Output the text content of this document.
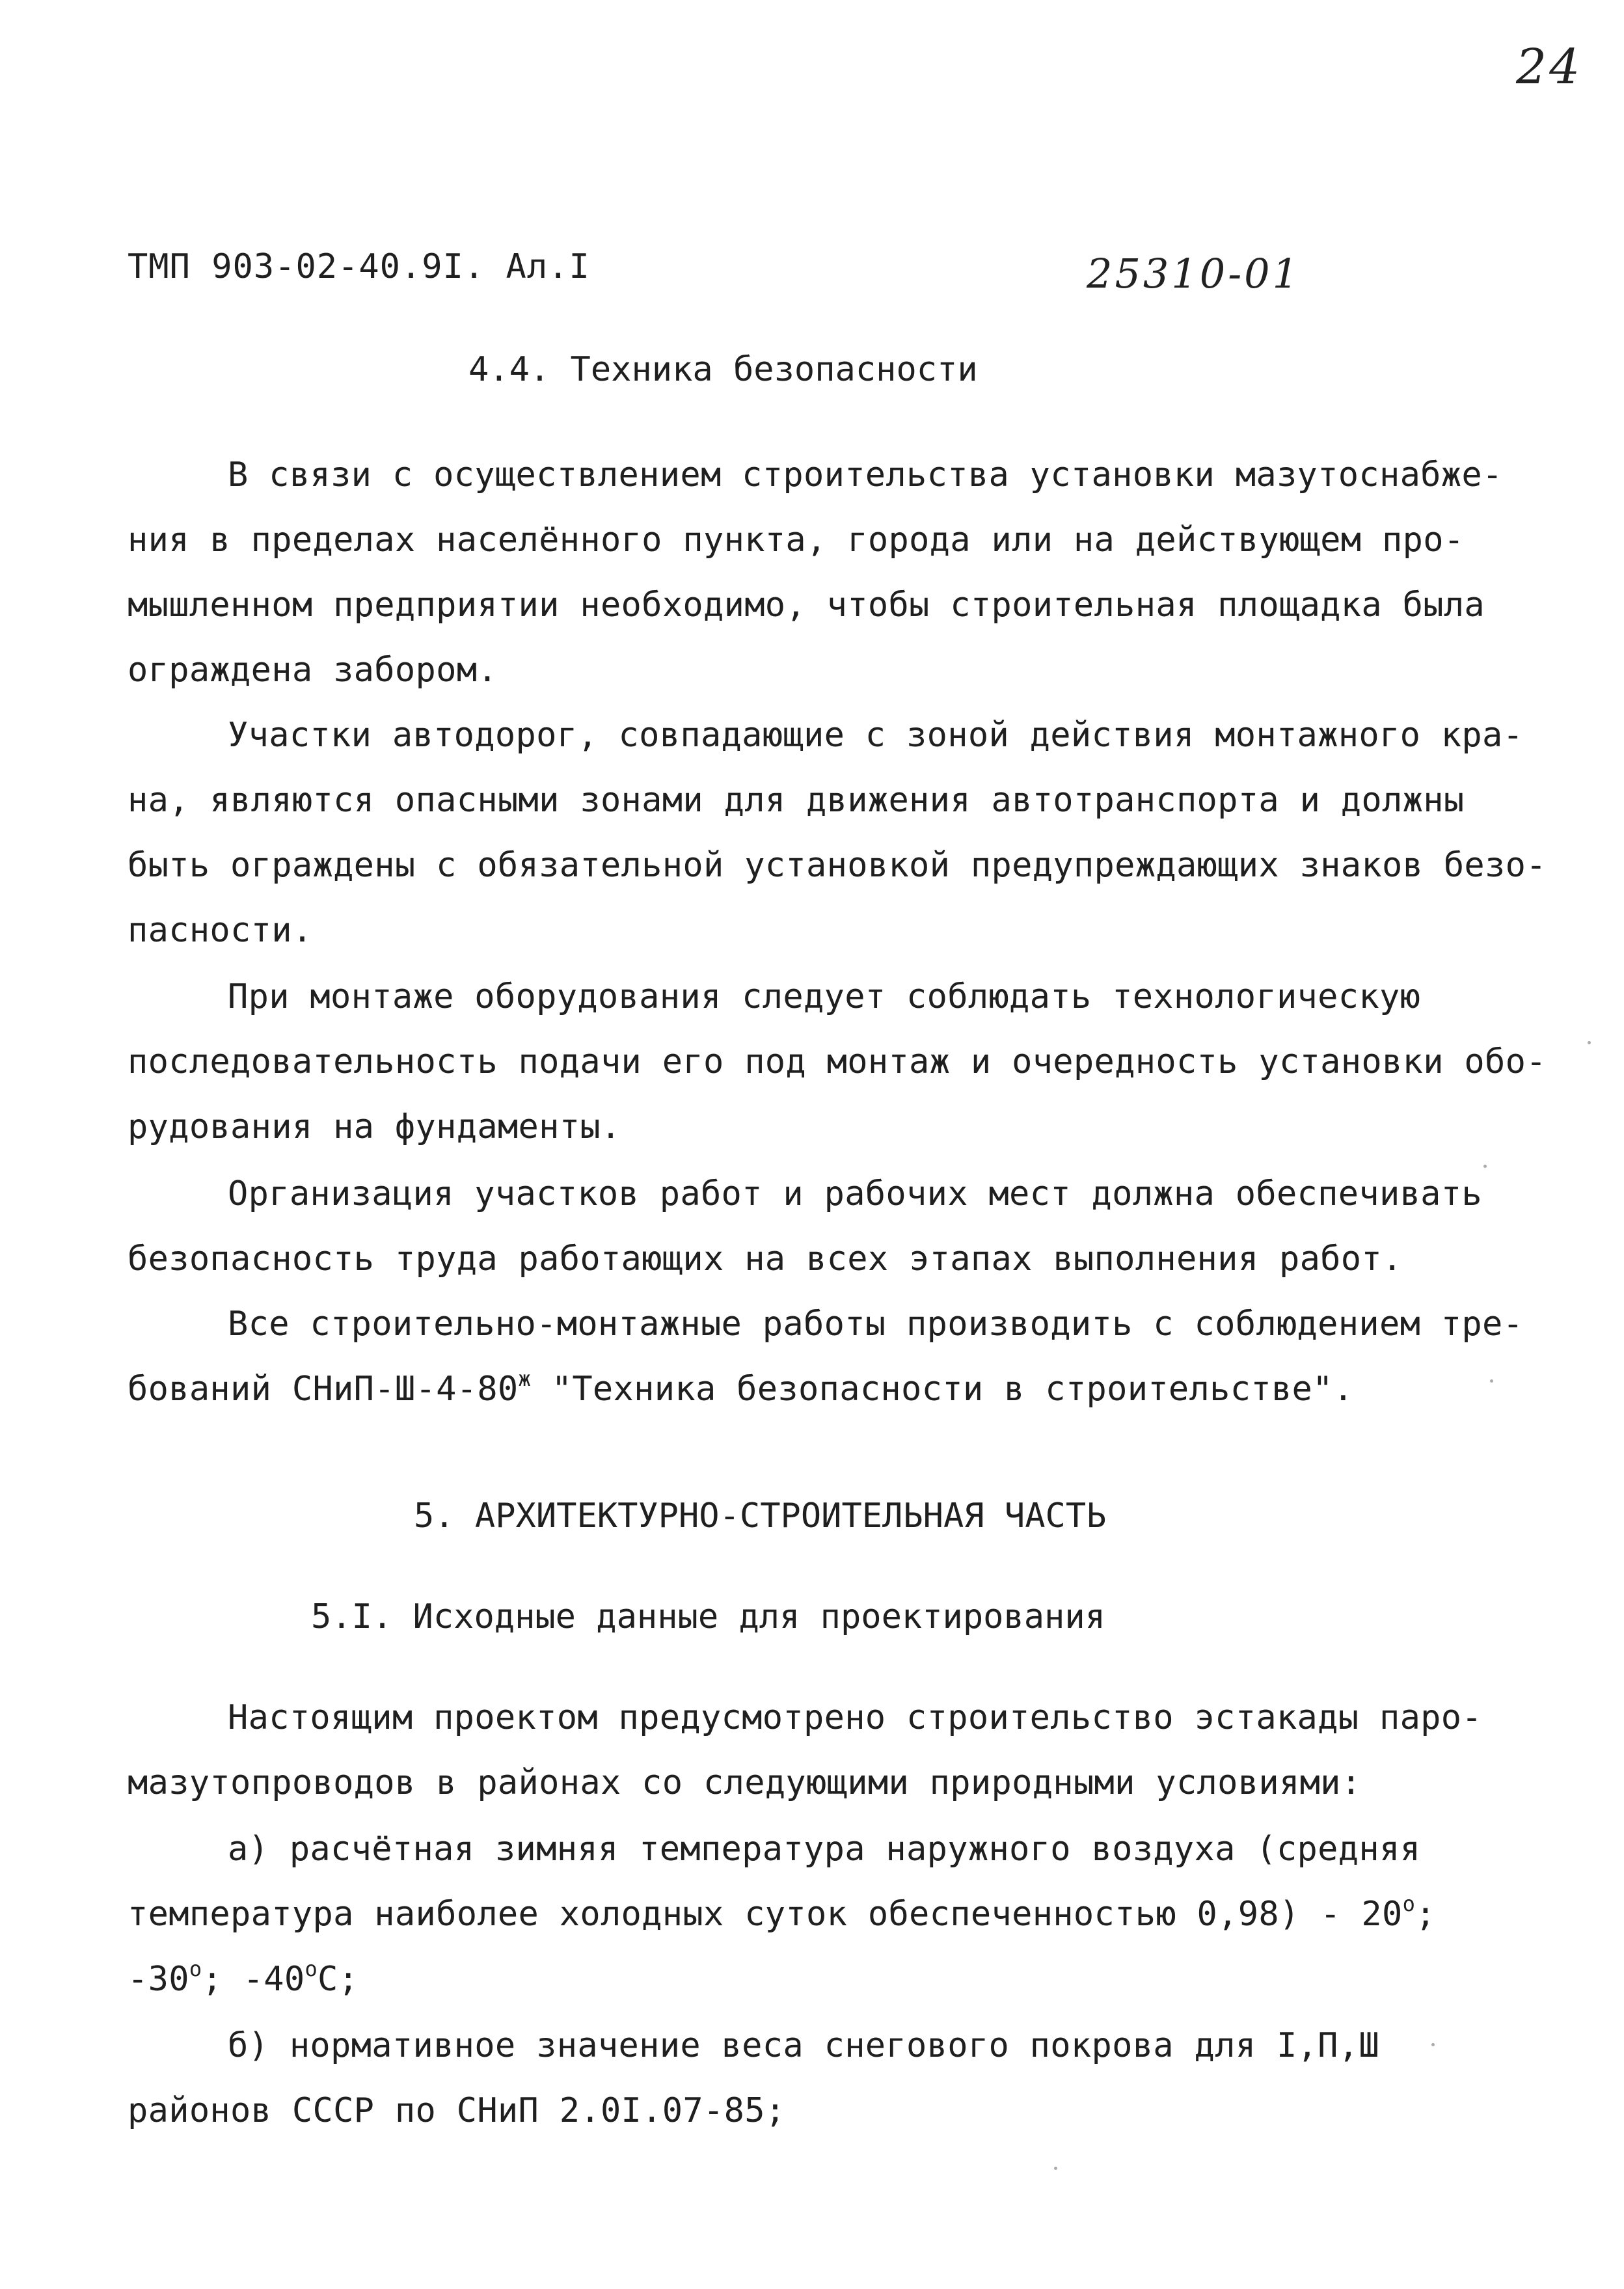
24
ТМП 903-02-40.9I. Ал.I	25310-01
4.4. Техника безопасности
В связи с осуществлением строительства установки мазутоснабже-
ния в пределах населённого пункта, города или на действующем про-
мышленном предприятии необходимо, чтобы строительная площадка была
ограждена забором.
Участки автодорог, совпадающие с зоной действия монтажного кра-
на, являются опасными зонами для движения автотранспорта и должны
быть ограждены с обязательной установкой предупреждающих знаков безо-
пасности.
При монтаже оборудования следует соблюдать технологическую
последовательность подачи его под монтаж и очередность установки обо-
рудования на фундаменты.
Организация участков работ и рабочих мест должна обеспечивать
безопасность труда работающих на всех этапах выполнения работ.
Все строительно-монтажные работы производить с соблюдением тре-
бований СНиП-$Ш-4-80^ж$ "Техника безопасности в строительстве".
5. АРХИТЕКТУРНО-СТРОИТЕЛЬНАЯ ЧАСТЬ
5.I. Исходные данные для проектирования
Настоящим проектом предусмотрено строительство эстакады паро-
мазутопроводов в районах со следующими природными условиями:
а) расчётная зимняя температура наружного воздуха (средняя
температура наиболее холодных суток обеспеченностью $0,98) - 20^о$;
$-30^о$; $-40^оС$;
б) нормативное значение веса снегового покрова для I,П,Ш
районов СССР по СНиП 2.0I.07-85;
